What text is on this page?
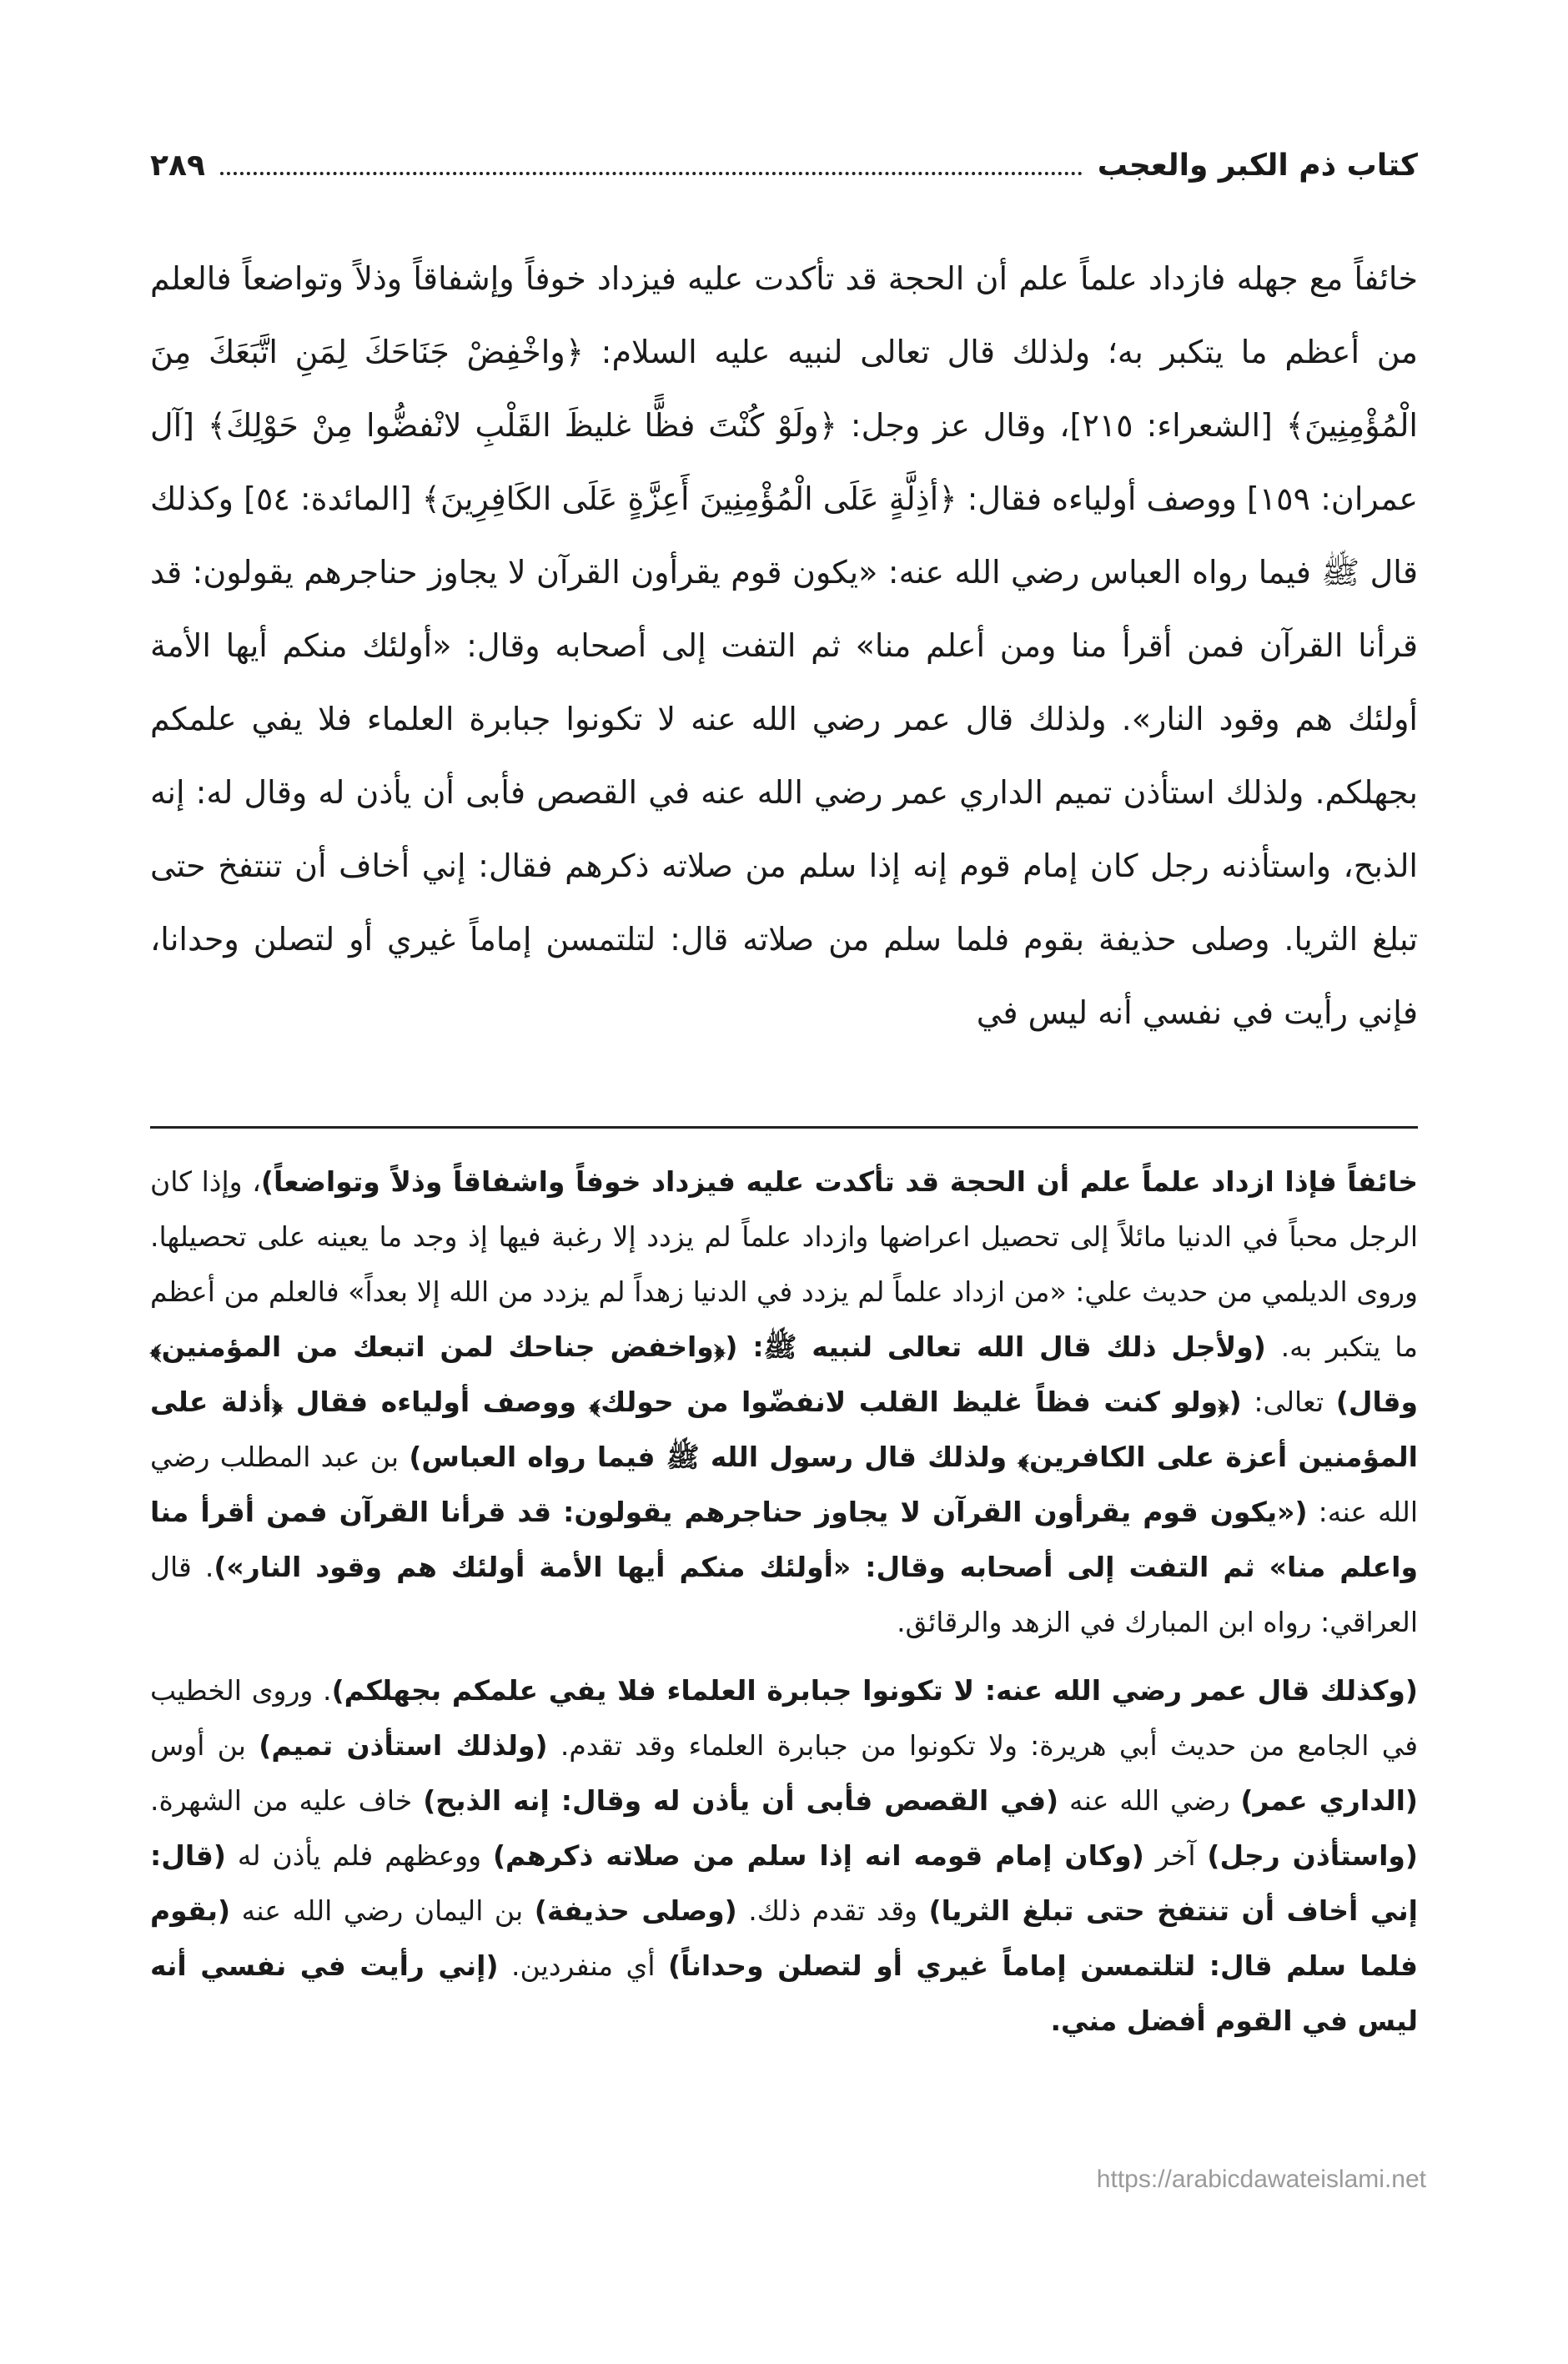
كتاب ذم الكبر والعجب
٢٨٩

خائفاً مع جهله فازداد علماً علم أن الحجة قد تأكدت عليه فيزداد خوفاً وإشفاقاً وذلاً وتواضعاً فالعلم من أعظم ما يتكبر به؛ ولذلك قال تعالى لنبيه عليه السلام: ﴿واخْفِضْ جَنَاحَكَ لِمَنِ اتَّبَعَكَ مِنَ الْمُؤْمِنِينَ﴾ [الشعراء: ٢١٥]، وقال عز وجل: ﴿ولَوْ كُنْتَ فظًّا غليظَ القَلْبِ لانْفضُّوا مِنْ حَوْلِكَ﴾ [آل عمران: ١٥٩] ووصف أولياءه فقال: ﴿أذِلَّةٍ عَلَى الْمُؤْمِنِينَ أَعِزَّةٍ عَلَى الكَافِرِينَ﴾ [المائدة: ٥٤] وكذلك قال ﷺ فيما رواه العباس رضي الله عنه: «يكون قوم يقرأون القرآن لا يجاوز حناجرهم يقولون: قد قرأنا القرآن فمن أقرأ منا ومن أعلم منا» ثم التفت إلى أصحابه وقال: «أولئك منكم أيها الأمة أولئك هم وقود النار». ولذلك قال عمر رضي الله عنه لا تكونوا جبابرة العلماء فلا يفي علمكم بجهلكم. ولذلك استأذن تميم الداري عمر رضي الله عنه في القصص فأبى أن يأذن له وقال له: إنه الذبح، واستأذنه رجل كان إمام قوم إنه إذا سلم من صلاته ذكرهم فقال: إني أخاف أن تنتفخ حتى تبلغ الثريا. وصلى حذيفة بقوم فلما سلم من صلاته قال: لتلتمسن إماماً غيري أو لتصلن وحدانا، فإني رأيت في نفسي أنه ليس في

خائفاً فإذا ازداد علماً علم أن الحجة قد تأكدت عليه فيزداد خوفاً واشفاقاً وذلاً وتواضعاً)، وإذا كان الرجل محباً في الدنيا مائلاً إلى تحصيل اعراضها وازداد علماً لم يزدد إلا رغبة فيها إذ وجد ما يعينه على تحصيلها. وروى الديلمي من حديث علي: «من ازداد علماً لم يزدد في الدنيا زهداً لم يزدد من الله إلا بعداً» فالعلم من أعظم ما يتكبر به. (ولأجل ذلك قال الله تعالى لنبيه ﷺ: (﴿واخفض جناحك لمن اتبعك من المؤمنين﴾ وقال) تعالى: (﴿ولو كنت فظاً غليظ القلب لانفضّوا من حولك﴾ ووصف أولياءه فقال ﴿أذلة على المؤمنين أعزة على الكافرين﴾ ولذلك قال رسول الله ﷺ فيما رواه العباس) بن عبد المطلب رضي الله عنه: («يكون قوم يقرأون القرآن لا يجاوز حناجرهم يقولون: قد قرأنا القرآن فمن أقرأ منا واعلم منا» ثم التفت إلى أصحابه وقال: «أولئك منكم أيها الأمة أولئك هم وقود النار»). قال العراقي: رواه ابن المبارك في الزهد والرقائق.

(وكذلك قال عمر رضي الله عنه: لا تكونوا جبابرة العلماء فلا يفي علمكم بجهلكم). وروى الخطيب في الجامع من حديث أبي هريرة: ولا تكونوا من جبابرة العلماء وقد تقدم. (ولذلك استأذن تميم) بن أوس (الداري عمر) رضي الله عنه (في القصص فأبى أن يأذن له وقال: إنه الذبح) خاف عليه من الشهرة. (واستأذن رجل) آخر (وكان إمام قومه انه إذا سلم من صلاته ذكرهم) ووعظهم فلم يأذن له (قال: إني أخاف أن تنتفخ حتى تبلغ الثريا) وقد تقدم ذلك. (وصلى حذيفة) بن اليمان رضي الله عنه (بقوم فلما سلم قال: لتلتمسن إماماً غيري أو لتصلن وحداناً) أي منفردين. (إني رأيت في نفسي أنه ليس في القوم أفضل مني.

https://arabicdawateislami.net
